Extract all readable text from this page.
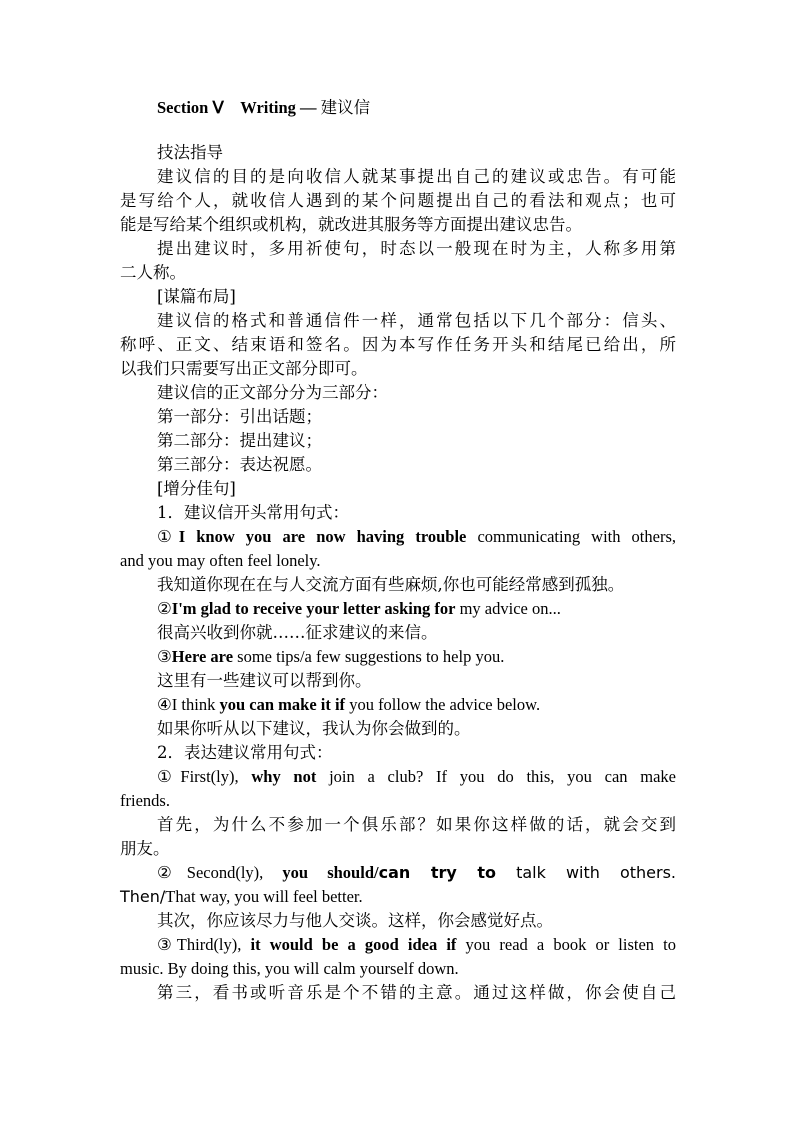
Section Ⅴ Writing — 建议信
技法指导
建议信的目的是向收信人就某事提出自己的建议或忠告。有可能
是写给个人，就收信人遇到的某个问题提出自己的看法和观点；也可
能是写给某个组织或机构，就改进其服务等方面提出建议忠告。
提出建议时，多用祈使句，时态以一般现在时为主，人称多用第
二人称。
[谋篇布局]
建议信的格式和普通信件一样，通常包括以下几个部分：信头、
称呼、正文、结束语和签名。因为本写作任务开头和结尾已给出，所
以我们只需要写出正文部分即可。
建议信的正文部分分为三部分：
第一部分：引出话题；
第二部分：提出建议；
第三部分：表达祝愿。
[增分佳句]
1．建议信开头常用句式：
①I know you are now having trouble communicating with others,
and you may often feel lonely.
我知道你现在在与人交流方面有些麻烦,你也可能经常感到孤独。
②I'm glad to receive your letter asking for my advice on...
很高兴收到你就……征求建议的来信。
③Here are some tips/a few suggestions to help you.
这里有一些建议可以帮到你。
④I think you can make it if you follow the advice below.
如果你听从以下建议，我认为你会做到的。
2．表达建议常用句式：
①First(ly), why not join a club? If you do this, you can make
friends.
首先，为什么不参加一个俱乐部？如果你这样做的话，就会交到
朋友。
②Second(ly), you should/can try to talk with others.
Then/That way, you will feel better.
其次，你应该尽力与他人交谈。这样，你会感觉好点。
③Third(ly), it would be a good idea if you read a book or listen to
music. By doing this, you will calm yourself down.
第三，看书或听音乐是个不错的主意。通过这样做，你会使自己
